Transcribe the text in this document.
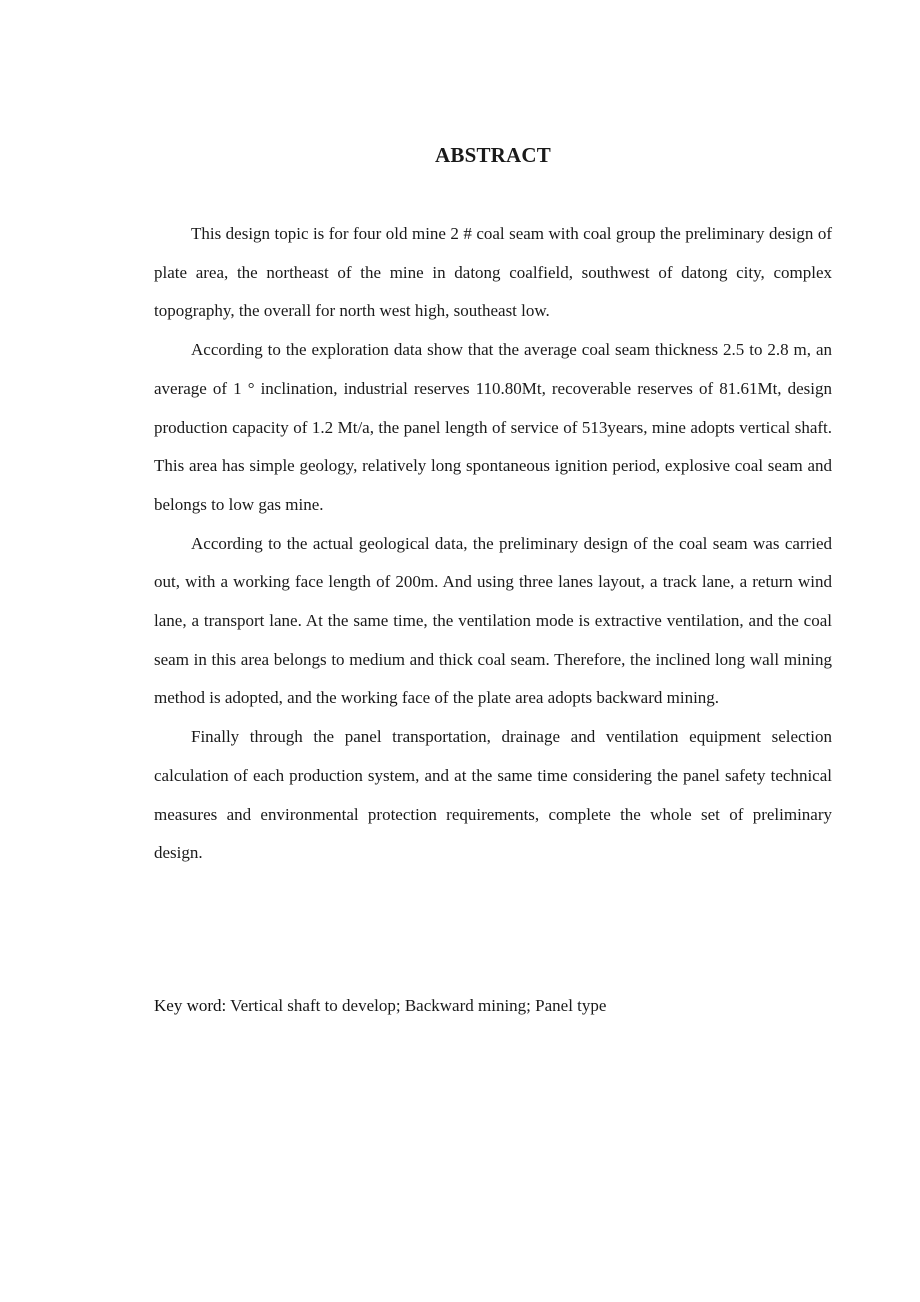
ABSTRACT

This design topic is for four old mine 2 # coal seam with coal group the preliminary design of plate area, the northeast of the mine in datong coalfield, southwest of datong city, complex topography, the overall for north west high, southeast low.

According to the exploration data show that the average coal seam thickness 2.5 to 2.8 m, an average of 1 ° inclination, industrial reserves 110.80Mt, recoverable reserves of 81.61Mt, design production capacity of 1.2 Mt/a, the panel length of service of 513years, mine adopts vertical shaft. This area has simple geology, relatively long spontaneous ignition period, explosive coal seam and belongs to low gas mine.

According to the actual geological data, the preliminary design of the coal seam was carried out, with a working face length of 200m. And using three lanes layout, a track lane, a return wind lane, a transport lane. At the same time, the ventilation mode is extractive ventilation, and the coal seam in this area belongs to medium and thick coal seam. Therefore, the inclined long wall mining method is adopted, and the working face of the plate area adopts backward mining.

Finally through the panel transportation, drainage and ventilation equipment selection calculation of each production system, and at the same time considering the panel safety technical measures and environmental protection requirements, complete the whole set of preliminary design.

Key word: Vertical shaft to develop; Backward mining; Panel type
